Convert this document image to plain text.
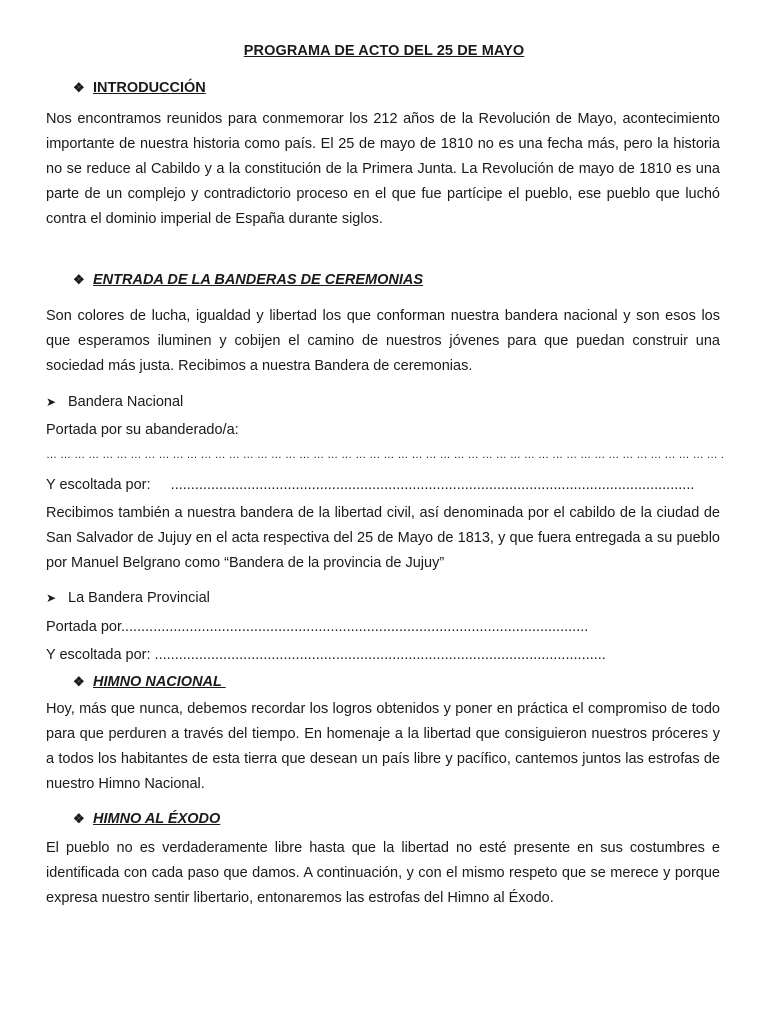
PROGRAMA DE ACTO DEL 25 DE MAYO
❖ INTRODUCCIÓN
Nos encontramos reunidos para conmemorar los 212 años de la Revolución de Mayo, acontecimiento importante de nuestra historia como país. El 25 de mayo de 1810 no es una fecha más, pero la historia no se reduce al Cabildo y a la constitución de la Primera Junta. La Revolución de mayo de 1810 es una parte de un complejo y contradictorio proceso en el que fue partícipe el pueblo, ese pueblo que luchó contra el dominio imperial de España durante siglos.
❖ ENTRADA DE LA BANDERAS DE CEREMONIAS
Son colores de lucha, igualdad y libertad los que conforman nuestra bandera nacional y son esos los que esperamos iluminen y cobijen el camino de nuestros jóvenes para que puedan construir una sociedad más justa. Recibimos a nuestra Bandera de ceremonias.
➤ Bandera Nacional
Portada por su abanderado/a:
… … … … … … … … … … … … … … … … … … … … … … … … … … … … … … … … … … … … … … … … … … … … … … … … .
Y escoltada por:     ..................................................................................................................................
Recibimos también a nuestra bandera de la libertad civil, así denominada por el cabildo de la ciudad de San Salvador de Jujuy en el acta respectiva del 25 de Mayo de 1813, y que fuera entregada a su pueblo por Manuel Belgrano como “Bandera de la provincia de Jujuy”
➤ La Bandera Provincial
Portada por....................................................................................................................
Y escoltada por: ................................................................................................................
❖ HIMNO NACIONAL
Hoy, más que nunca, debemos recordar los logros obtenidos y poner en práctica el compromiso de todo para que perduren a través del tiempo. En homenaje a la libertad que consiguieron nuestros próceres y a todos los habitantes de esta tierra que desean un país libre y pacífico, cantemos juntos las estrofas de nuestro Himno Nacional.
❖ HIMNO AL ÉXODO
El pueblo no es verdaderamente libre hasta que la libertad no esté presente en sus costumbres e identificada con cada paso que damos. A continuación, y con el mismo respeto que se merece y porque expresa nuestro sentir libertario, entonaremos las estrofas del Himno al Éxodo.
